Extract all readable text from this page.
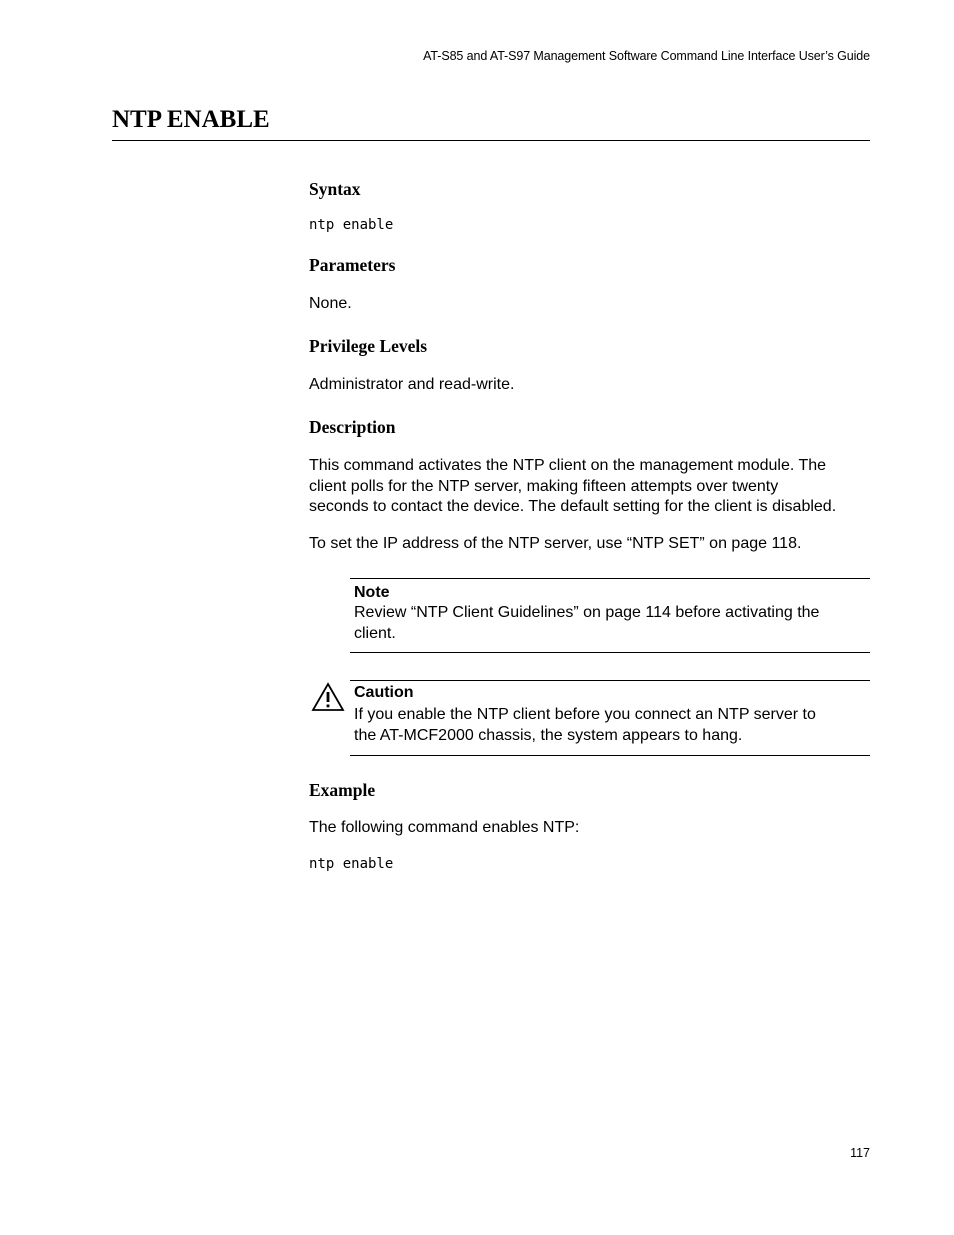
AT-S85 and AT-S97 Management Software Command Line Interface User’s Guide
NTP ENABLE
Syntax
ntp enable
Parameters

None.

Privilege Levels

Administrator and read-write.

Description

This command activates the NTP client on the management module. The
client polls for the NTP server, making fifteen attempts over twenty
seconds to contact the device. The default setting for the client is disabled.

To set the IP address of the NTP server, use “NTP SET” on page 118.

Note
Review “NTP Client Guidelines” on page 114 before activating the
client.
Caution
If you enable the NTP client before you connect an NTP server to
the AT-MCF2000 chassis, the system appears to hang.
Example

The following command enables NTP:

ntp enable
117
